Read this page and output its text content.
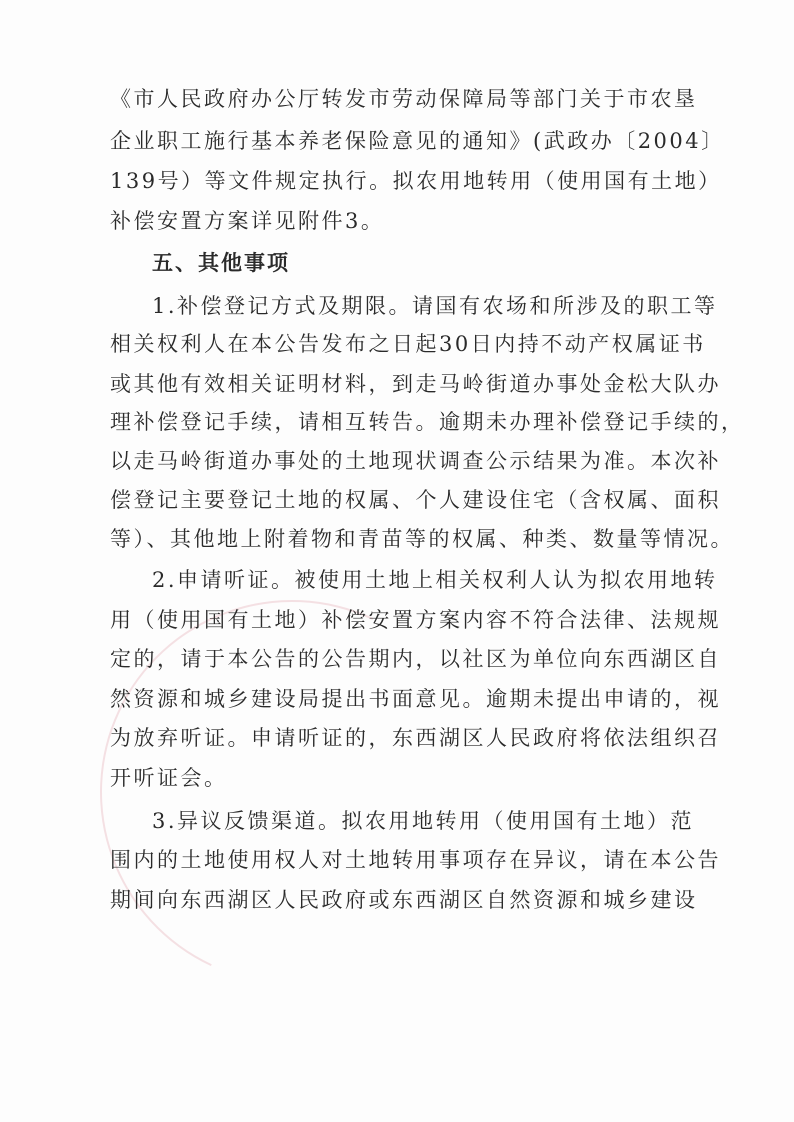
《市人民政府办公厅转发市劳动保障局等部门关于市农垦
企业职工施行基本养老保险意见的通知》(武政办〔2004〕
139号）等文件规定执行。拟农用地转用（使用国有土地）
补偿安置方案详见附件3。
五、其他事项
1.补偿登记方式及期限。请国有农场和所涉及的职工等
相关权利人在本公告发布之日起30日内持不动产权属证书
或其他有效相关证明材料，到走马岭街道办事处金松大队办
理补偿登记手续，请相互转告。逾期未办理补偿登记手续的，
以走马岭街道办事处的土地现状调查公示结果为准。本次补
偿登记主要登记土地的权属、个人建设住宅（含权属、面积
等）、其他地上附着物和青苗等的权属、种类、数量等情况。
2.申请听证。被使用土地上相关权利人认为拟农用地转
用（使用国有土地）补偿安置方案内容不符合法律、法规规
定的，请于本公告的公告期内，以社区为单位向东西湖区自
然资源和城乡建设局提出书面意见。逾期未提出申请的，视
为放弃听证。申请听证的，东西湖区人民政府将依法组织召
开听证会。
3.异议反馈渠道。拟农用地转用（使用国有土地）范
围内的土地使用权人对土地转用事项存在异议，请在本公告
期间向东西湖区人民政府或东西湖区自然资源和城乡建设
